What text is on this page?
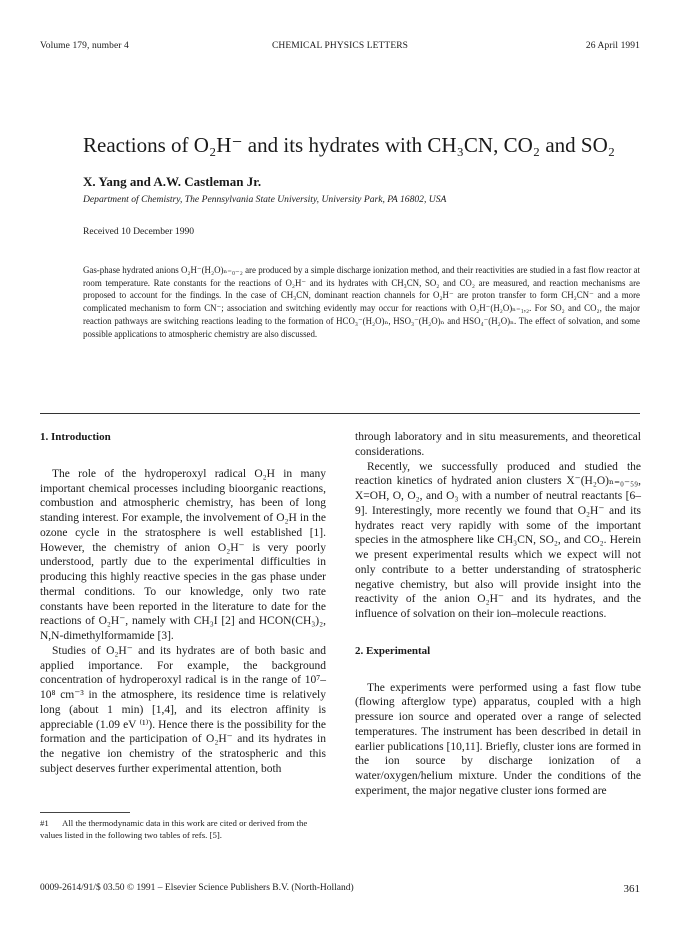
Volume 179, number 4	CHEMICAL PHYSICS LETTERS	26 April 1991
Reactions of O₂H⁻ and its hydrates with CH₃CN, CO₂ and SO₂
X. Yang and A.W. Castleman Jr.
Department of Chemistry, The Pennsylvania State University, University Park, PA 16802, USA
Received 10 December 1990
Gas-phase hydrated anions O₂H⁻(H₂O)ₙ₌₀₋₂ are produced by a simple discharge ionization method, and their reactivities are studied in a fast flow reactor at room temperature. Rate constants for the reactions of O₂H⁻ and its hydrates with CH₃CN, SO₂ and CO₂ are measured, and reaction mechanisms are proposed to account for the findings. In the case of CH₃CN, dominant reaction channels for O₂H⁻ are proton transfer to form CH₂CN⁻ and a more complicated mechanism to form CN⁻; association and switching evidently may occur for reactions with O₂H⁻(H₂O)ₙ₌₁,₂. For SO₂ and CO₂, the major reaction pathways are switching reactions leading to the formation of HCO₃⁻(H₂O)ₙ, HSO₃⁻(H₂O)ₙ and HSO₄⁻(H₂O)ₙ. The effect of solvation, and some possible applications to atmospheric chemistry are also discussed.

1. Introduction

The role of the hydroperoxyl radical O₂H in many important chemical processes including bioorganic reactions, combustion and atmospheric chemistry, has been of long standing interest. For example, the involvement of O₂H in the ozone cycle in the stratosphere is well established [1]. However, the chemistry of anion O₂H⁻ is very poorly understood, partly due to the experimental difficulties in producing this highly reactive species in the gas phase under thermal conditions. To our knowledge, only two rate constants have been reported in the literature to date for the reactions of O₂H⁻, namely with CH₃I [2] and HCON(CH₃)₂, N,N-dimethylformamide [3].

Studies of O₂H⁻ and its hydrates are of both basic and applied importance. For example, the background concentration of hydroperoxyl radical is in the range of 10⁷–10⁸ cm⁻³ in the atmosphere, its residence time is relatively long (about 1 min) [1,4], and its electron affinity is appreciable (1.09 eV ⁽¹⁾). Hence there is the possibility for the formation and the participation of O₂H⁻ and its hydrates in the negative ion chemistry of the stratospheric and this subject deserves further experimental attention, both

through laboratory and in situ measurements, and theoretical considerations.

Recently, we successfully produced and studied the reaction kinetics of hydrated anion clusters X⁻(H₂O)ₙ₌₀₋₅₉, X=OH, O, O₂, and O₃ with a number of neutral reactants [6–9]. Interestingly, more recently we found that O₂H⁻ and its hydrates react very rapidly with some of the important species in the atmosphere like CH₃CN, SO₂, and CO₂. Herein we present experimental results which we expect will not only contribute to a better understanding of stratospheric negative chemistry, but also will provide insight into the reactivity of the anion O₂H⁻ and its hydrates, and the influence of solvation on their ion–molecule reactions.

2. Experimental

The experiments were performed using a fast flow tube (flowing afterglow type) apparatus, coupled with a high pressure ion source and operated over a range of selected temperatures. The instrument has been described in detail in earlier publications [10,11]. Briefly, cluster ions are formed in the ion source by discharge ionization of a water/oxygen/helium mixture. Under the conditions of the experiment, the major negative cluster ions formed are

#1 All the thermodynamic data in this work are cited or derived from the values listed in the following two tables of refs. [5].
0009-2614/91/$ 03.50 © 1991 – Elsevier Science Publishers B.V. (North-Holland)	361
